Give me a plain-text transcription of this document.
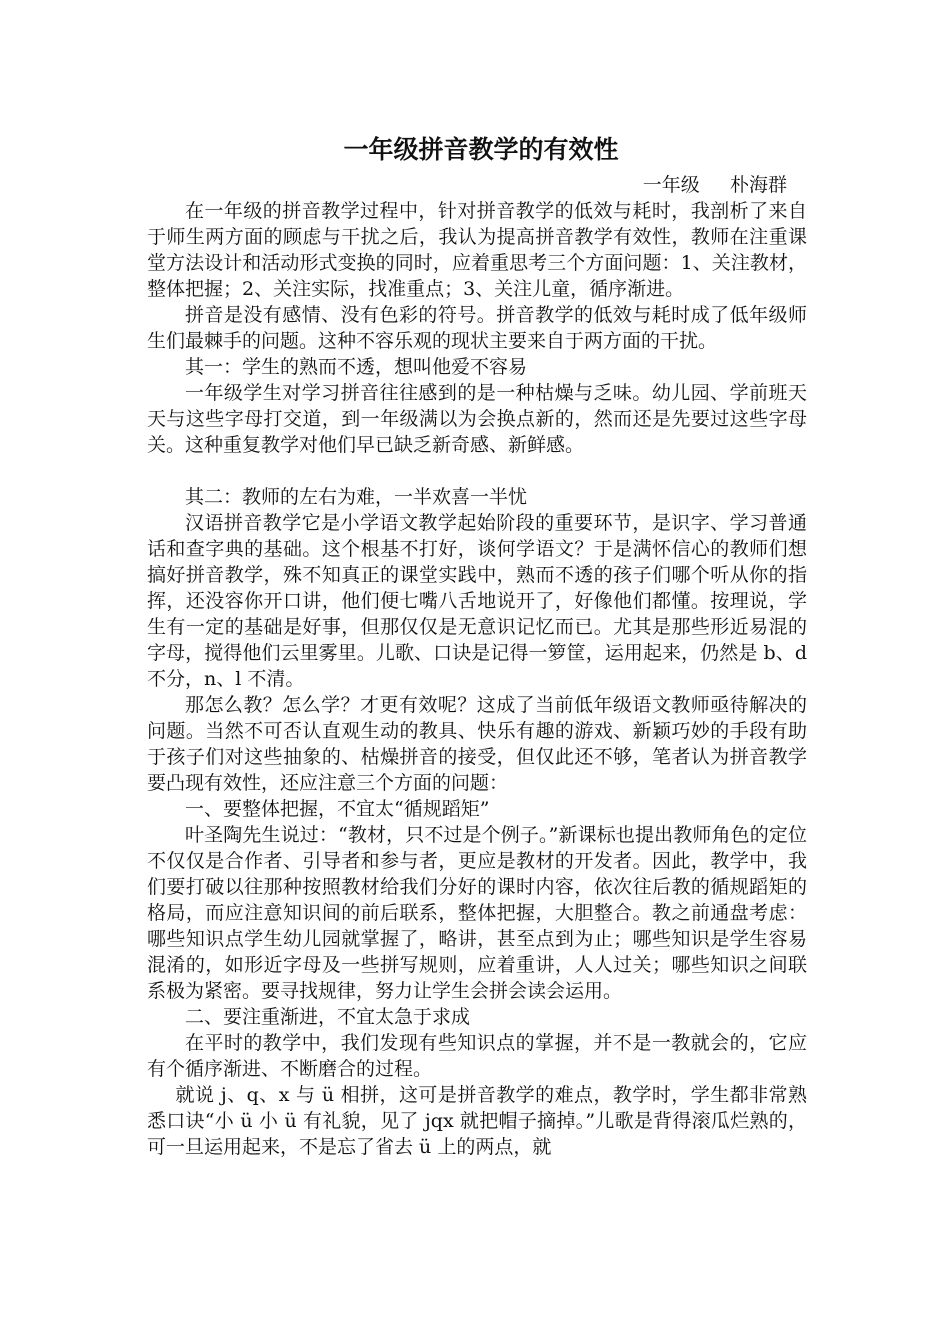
一年级拼音教学的有效性

一年级     朴海群

在一年级的拼音教学过程中，针对拼音教学的低效与耗时，我剖析了来自于师生两方面的顾虑与干扰之后，我认为提高拼音教学有效性，教师在注重课堂方法设计和活动形式变换的同时，应着重思考三个方面问题：1、关注教材，整体把握；2、关注实际，找准重点；3、关注儿童，循序渐进。

拼音是没有感情、没有色彩的符号。拼音教学的低效与耗时成了低年级师生们最棘手的问题。这种不容乐观的现状主要来自于两方面的干扰。

其一：学生的熟而不透，想叫他爱不容易

一年级学生对学习拼音往往感到的是一种枯燥与乏味。幼儿园、学前班天天与这些字母打交道，到一年级满以为会换点新的，然而还是先要过这些字母关。这种重复教学对他们早已缺乏新奇感、新鲜感。

其二：教师的左右为难，一半欢喜一半忧

汉语拼音教学它是小学语文教学起始阶段的重要环节，是识字、学习普通话和查字典的基础。这个根基不打好，谈何学语文？于是满怀信心的教师们想搞好拼音教学，殊不知真正的课堂实践中，熟而不透的孩子们哪个听从你的指挥，还没容你开口讲，他们便七嘴八舌地说开了，好像他们都懂。按理说，学生有一定的基础是好事，但那仅仅是无意识记忆而已。尤其是那些形近易混的字母，搅得他们云里雾里。儿歌、口诀是记得一箩筐，运用起来，仍然是 b、d 不分，n、l 不清。

那怎么教？怎么学？才更有效呢？这成了当前低年级语文教师亟待解决的问题。当然不可否认直观生动的教具、快乐有趣的游戏、新颖巧妙的手段有助于孩子们对这些抽象的、枯燥拼音的接受，但仅此还不够，笔者认为拼音教学要凸现有效性，还应注意三个方面的问题：

一、要整体把握，不宜太“循规蹈矩”

叶圣陶先生说过：“教材，只不过是个例子。”新课标也提出教师角色的定位不仅仅是合作者、引导者和参与者，更应是教材的开发者。因此，教学中，我们要打破以往那种按照教材给我们分好的课时内容，依次往后教的循规蹈矩的格局，而应注意知识间的前后联系，整体把握，大胆整合。教之前通盘考虑：哪些知识点学生幼儿园就掌握了，略讲，甚至点到为止；哪些知识是学生容易混淆的，如形近字母及一些拼写规则，应着重讲，人人过关；哪些知识之间联系极为紧密。要寻找规律，努力让学生会拼会读会运用。

二、要注重渐进，不宜太急于求成

在平时的教学中，我们发现有些知识点的掌握，并不是一教就会的，它应有个循序渐进、不断磨合的过程。

就说 j、q、x 与 ü 相拼，这可是拼音教学的难点，教学时，学生都非常熟悉口诀“小 ü 小 ü 有礼貌，见了 jqx 就把帽子摘掉。”儿歌是背得滚瓜烂熟的，可一旦运用起来，不是忘了省去 ü 上的两点，就
